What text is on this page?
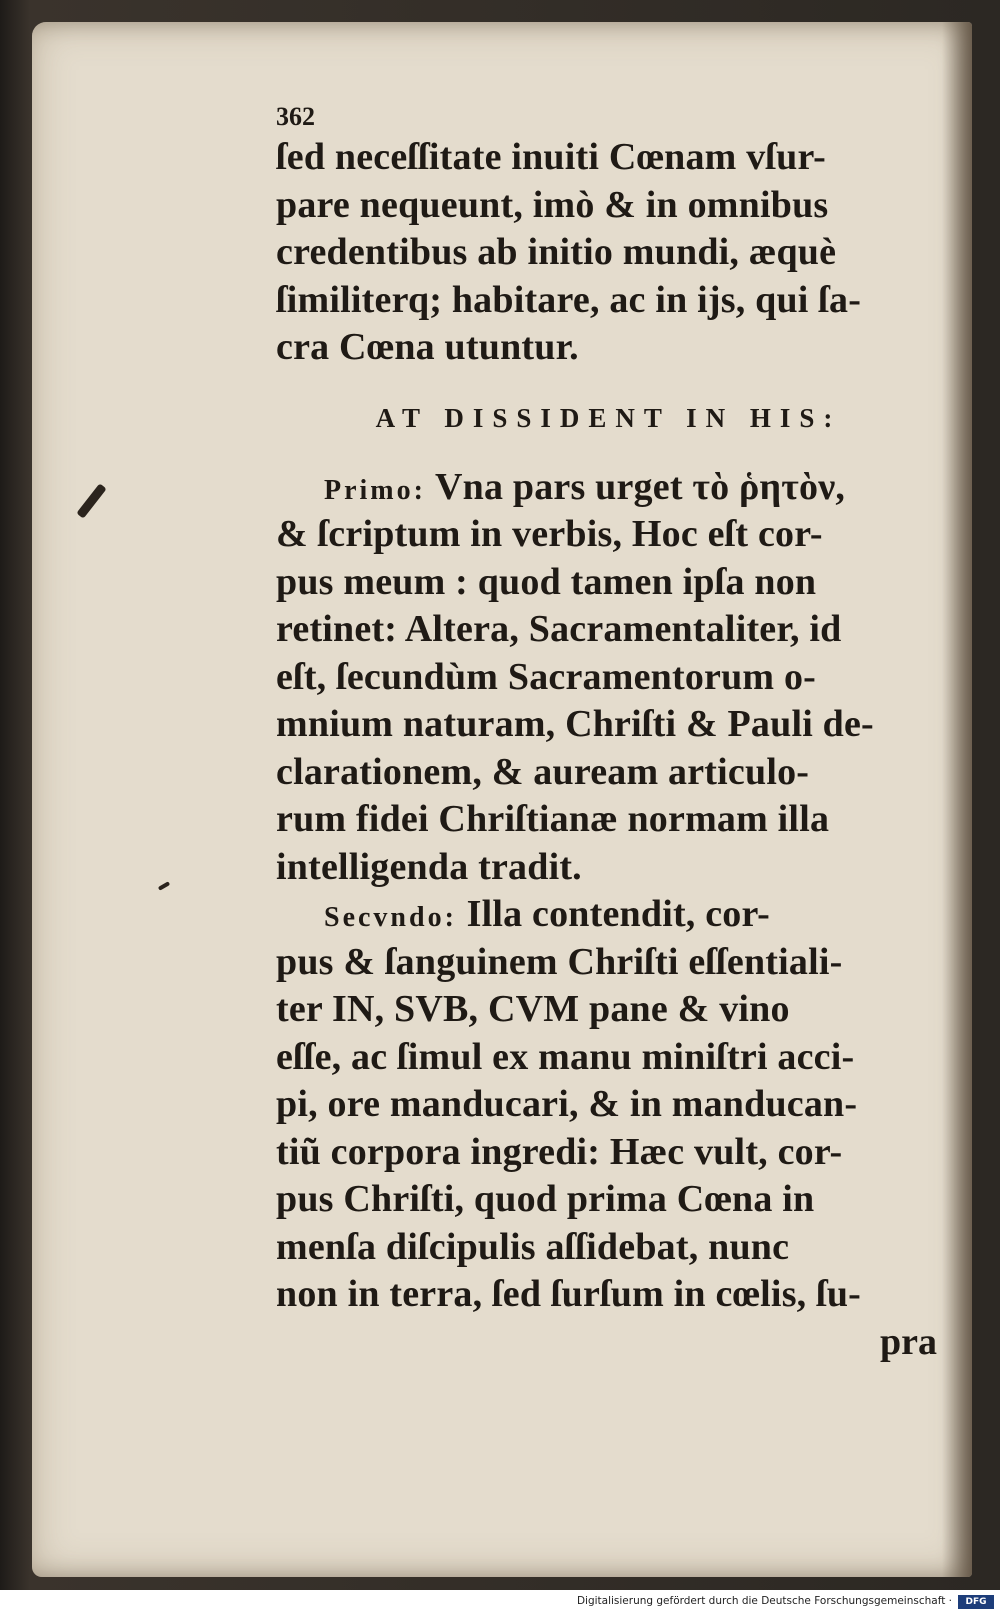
362
ſed neceſſitate inuiti Cœnam vſur-
pare nequeunt, imò & in omnibus
credentibus ab initio mundi, æquè
ſimiliterq; habitare, ac in ijs, qui ſa-
cra Cœna utuntur.
AT DISSIDENT IN HIS:
Primo: Vna pars urget τὸ ῥητὸν,
& ſcriptum in verbis, Hoc eſt cor-
pus meum : quod tamen ipſa non
retinet: Altera, Sacramentaliter, id
eſt, ſecundùm Sacramentorum o-
mnium naturam, Chriſti & Pauli de-
clarationem, & auream articulo-
rum fidei Chriſtianæ normam illa
intelligenda tradit.
Secvndo: Illa contendit, cor-
pus & ſanguinem Chriſti eſſentiali-
ter IN, SVB, CVM pane & vino
eſſe, ac ſimul ex manu miniſtri acci-
pi, ore manducari, & in manducan-
tiũ corpora ingredi: Hæc vult, cor-
pus Chriſti, quod prima Cœna in
menſa diſcipulis aſſidebat, nunc
non in terra, ſed ſurſum in cœlis, ſu-
pra
Digitalisierung gefördert durch die Deutsche Forschungsgemeinschaft ·	DFG
